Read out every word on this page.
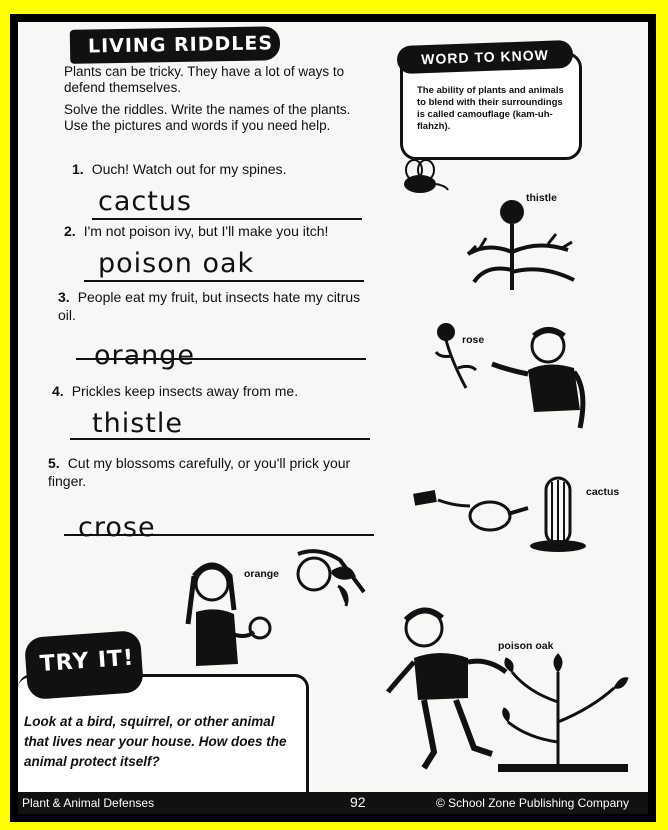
LIVING RIDDLES
Plants can be tricky. They have a lot of ways to defend themselves.
Solve the riddles. Write the names of the plants. Use the pictures and words if you need help.
WORD TO KNOW
The ability of plants and animals to blend with their surroundings is called camouflage (kam-uh-flahzh).
1. Ouch! Watch out for my spines.
cactus
2. I'm not poison ivy, but I'll make you itch!
poison oak
3. People eat my fruit, but insects hate my citrus oil.
orange
4. Prickles keep insects away from me.
thistle
5. Cut my blossoms carefully, or you'll prick your finger.
crose
thistle
rose
cactus
orange
poison oak
TRY IT!
Look at a bird, squirrel, or other animal that lives near your house. How does the animal protect itself?
Plant & Animal Defenses	92	© School Zone Publishing Company
